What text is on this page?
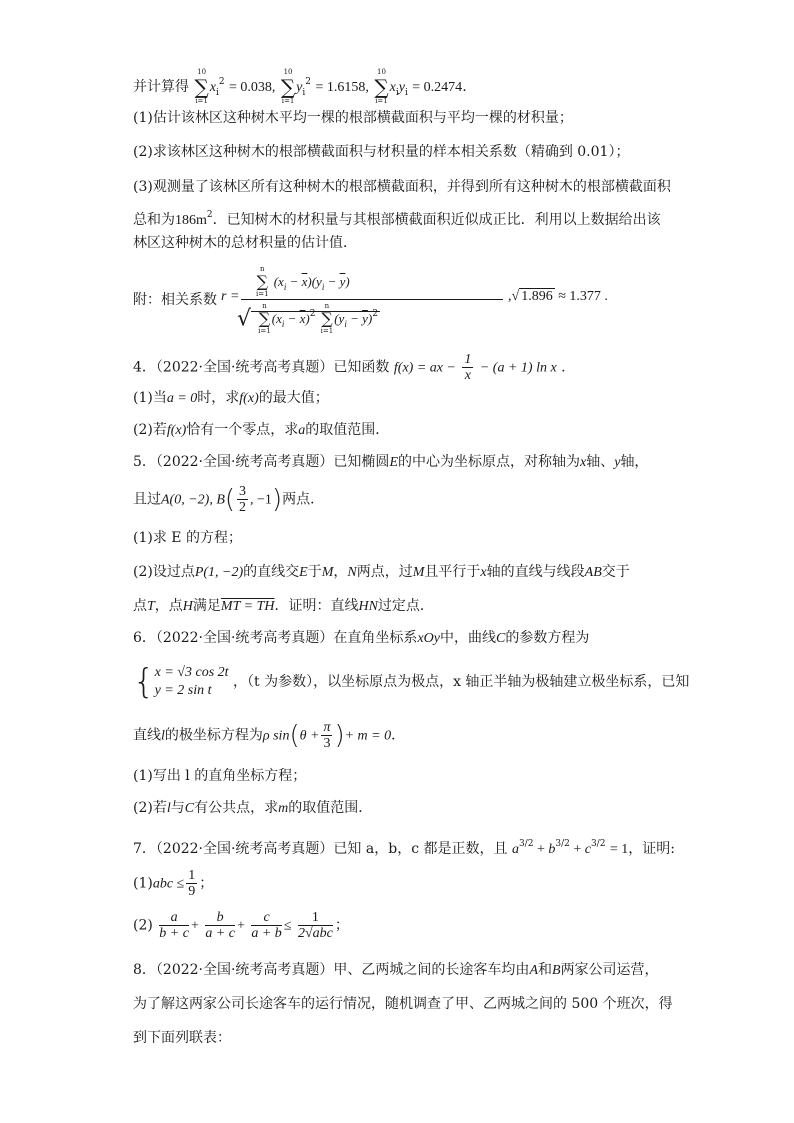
并计算得
10
∑
i=1
$x_i^2 = 0.038$,
10
∑
i=1
$y_i^2 = 1.6158$,
10
∑
i=1
$x_iy_i = 0.2474$.
(1)估计该林区这种树木平均一棵的根部横截面积与平均一棵的材积量；
(2)求该林区这种树木的根部横截面积与材积量的样本相关系数（精确到 0.01）；
(3)观测量了该林区所有这种树木的根部横截面积，并得到所有这种树木的根部横截面积
总和为$186m^2$．已知树木的材积量与其根部横截面积近似成正比．利用以上数据给出该
林区这种树木的总材积量的估计值．
附：相关系数 r =
n
∑
i=1
$(x_i - \overline{x})(y_i - \overline{y})$
√
n
∑
i=1
$(x_i - \overline{x})^2$
n
∑
i=1
$(y_i - \overline{y})^2$
,√ 1.896 ≈ 1.377 .
4．（2022·全国·统考高考真题）已知函数 f(x) = ax − $\frac{1}{x} - (a + 1)$ ln x .
(1)当a = 0时，求f(x)的最大值；
(2)若f(x)恰有一个零点，求a的取值范围．
5．（2022·全国·统考高考真题）已知椭圆E的中心为坐标原点，对称轴为x轴、y轴，
且过A(0, −2), $B( \frac{3}{2}$ , −1)两点．
(1)求 E 的方程；
(2)设过点P(1, −2)的直线交E于M，N两点，过M且平行于x轴的直线与线段AB交于
点T，点H满足MT = TH．证明：直线HN过定点．
6．（2022·全国·统考高考真题）在直角坐标系xOy中，曲线C的参数方程为
{ x = √3 cos 2t
y = 2 sin t
，（t 为参数），以坐标原点为极点，x 轴正半轴为极轴建立极坐标系，已知
直线l的极坐标方程为ρ $\sin(\theta + \frac{\pi}{3}$ )+ m = 0．
(1)写出 l 的直角坐标方程；
(2)若l与C有公共点，求m的取值范围．
7．（2022·全国·统考高考真题）已知 a，b，c 都是正数，且 $a^{3/2} + b^{3/2} + c^{3/2} = 1$，证明:
$(1)abc \le \frac{1}{9}$ ；
$(2) \frac{a}{b + c} + \frac{b}{a + c} + \frac{c}{a + b} \le \frac{1}{\text{2√abc}}$ ；
8．（2022·全国·统考高考真题）甲、乙两城之间的长途客车均由A和B两家公司运营，
为了解这两家公司长途客车的运行情况，随机调查了甲、乙两城之间的 500 个班次，得
到下面列联表：
